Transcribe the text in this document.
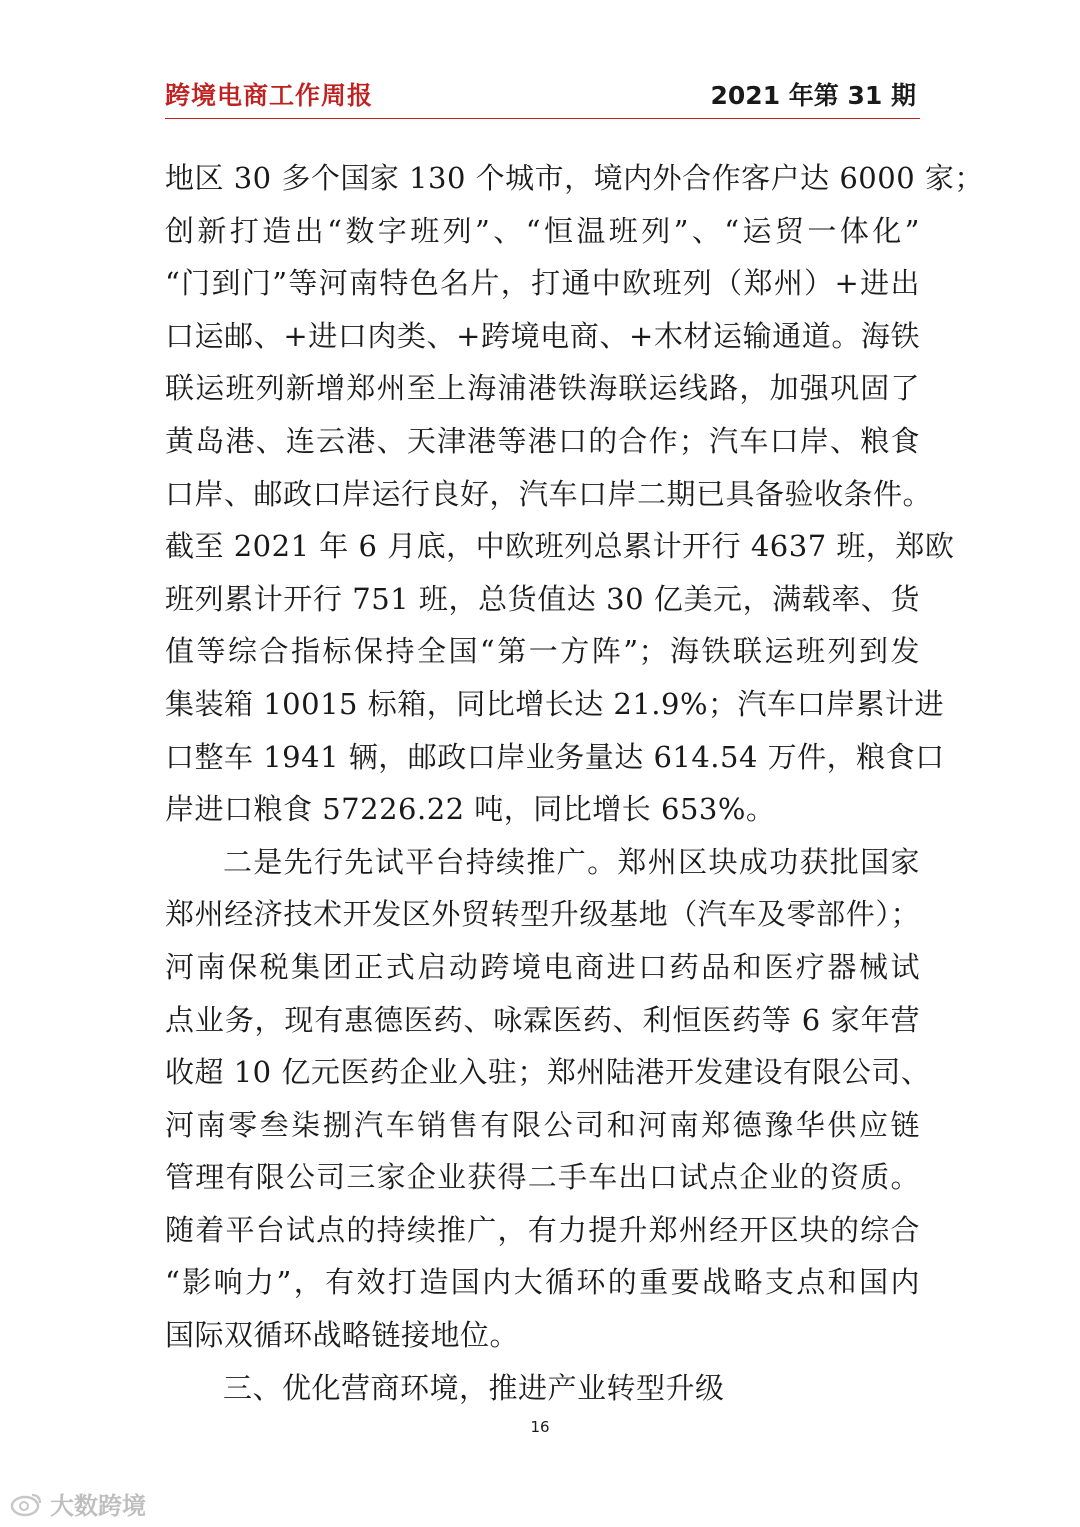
跨境电商工作周报	2021 年第 31 期
地区 30 多个国家 130 个城市，境内外合作客户达 6000 家；
创新打造出“数字班列”、“恒温班列”、“运贸一体化”
“门到门”等河南特色名片，打通中欧班列（郑州）+进出
口运邮、+进口肉类、+跨境电商、+木材运输通道。海铁
联运班列新增郑州至上海浦港铁海联运线路，加强巩固了
黄岛港、连云港、天津港等港口的合作；汽车口岸、粮食
口岸、邮政口岸运行良好，汽车口岸二期已具备验收条件。
截至 2021 年 6 月底，中欧班列总累计开行 4637 班，郑欧
班列累计开行 751 班，总货值达 30 亿美元，满载率、货
值等综合指标保持全国“第一方阵”；海铁联运班列到发
集装箱 10015 标箱，同比增长达 21.9%；汽车口岸累计进
口整车 1941 辆，邮政口岸业务量达 614.54 万件，粮食口
岸进口粮食 57226.22 吨，同比增长 653%。
二是先行先试平台持续推广。郑州区块成功获批国家
郑州经济技术开发区外贸转型升级基地（汽车及零部件）；
河南保税集团正式启动跨境电商进口药品和医疗器械试
点业务，现有惠德医药、咏霖医药、利恒医药等 6 家年营
收超 10 亿元医药企业入驻；郑州陆港开发建设有限公司、
河南零叁柒捌汽车销售有限公司和河南郑德豫华供应链
管理有限公司三家企业获得二手车出口试点企业的资质。
随着平台试点的持续推广，有力提升郑州经开区块的综合
“影响力”，有效打造国内大循环的重要战略支点和国内
国际双循环战略链接地位。
三、优化营商环境，推进产业转型升级
16
大数跨境
